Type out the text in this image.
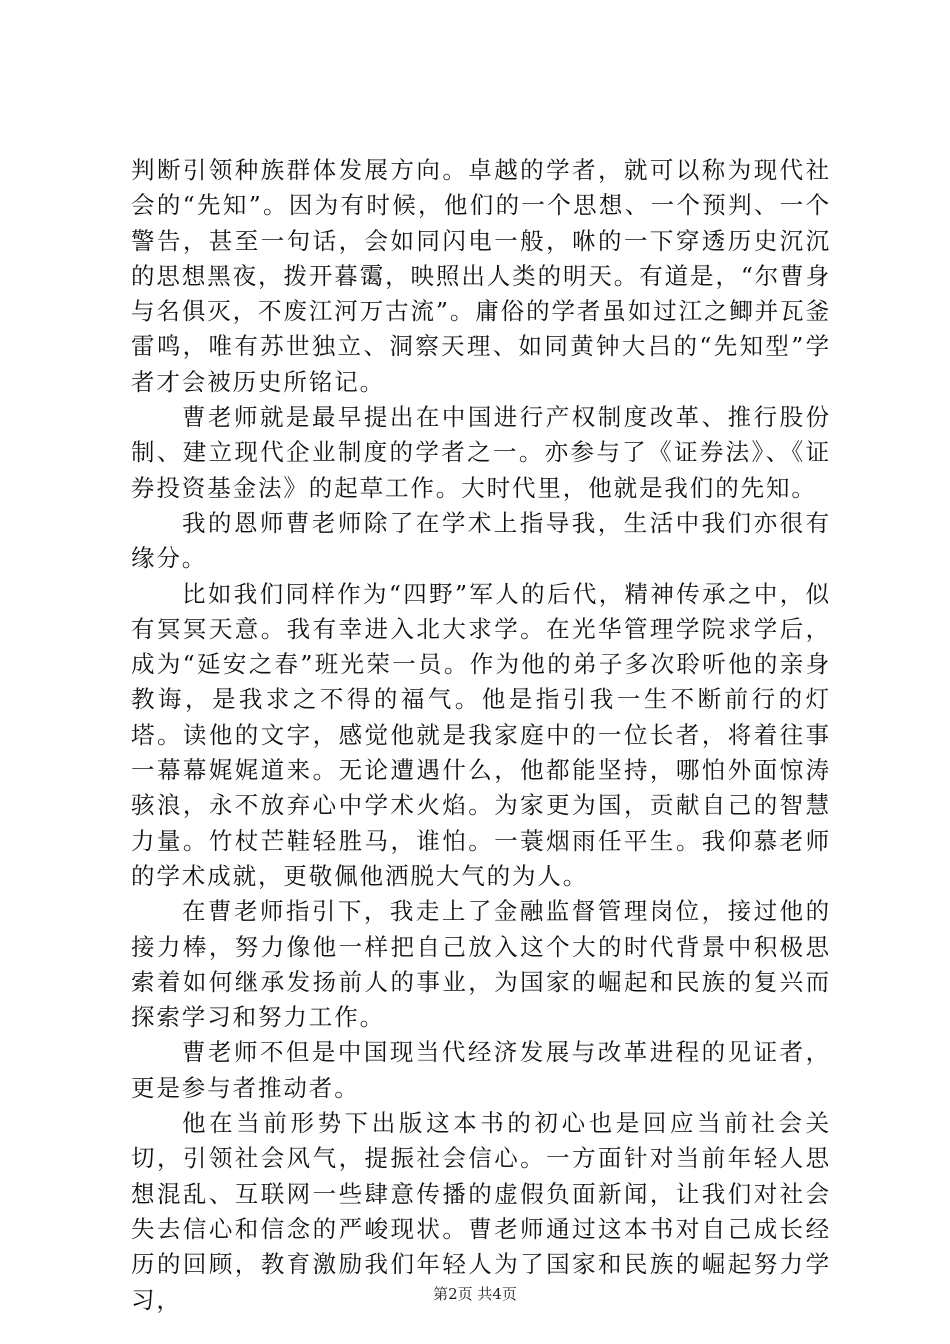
判断引领种族群体发展方向。卓越的学者，就可以称为现代社会的“先知”。因为有时候，他们的一个思想、一个预判、一个警告，甚至一句话，会如同闪电一般，咻的一下穿透历史沉沉的思想黑夜，拨开暮霭，映照出人类的明天。有道是，“尔曹身与名俱灭，不废江河万古流”。庸俗的学者虽如过江之鲫并瓦釜雷鸣，唯有苏世独立、洞察天理、如同黄钟大吕的“先知型”学者才会被历史所铭记。

曹老师就是最早提出在中国进行产权制度改革、推行股份制、建立现代企业制度的学者之一。亦参与了《证券法》、《证券投资基金法》的起草工作。大时代里，他就是我们的先知。

我的恩师曹老师除了在学术上指导我，生活中我们亦很有缘分。

比如我们同样作为“四野”军人的后代，精神传承之中，似有冥冥天意。我有幸进入北大求学。在光华管理学院求学后，成为“延安之春”班光荣一员。作为他的弟子多次聆听他的亲身教诲，是我求之不得的福气。他是指引我一生不断前行的灯塔。读他的文字，感觉他就是我家庭中的一位长者，将着往事一幕幕娓娓道来。无论遭遇什么，他都能坚持，哪怕外面惊涛骇浪，永不放弃心中学术火焰。为家更为国，贡献自己的智慧力量。竹杖芒鞋轻胜马，谁怕。一蓑烟雨任平生。我仰慕老师的学术成就，更敬佩他洒脱大气的为人。

在曹老师指引下，我走上了金融监督管理岗位，接过他的接力棒，努力像他一样把自己放入这个大的时代背景中积极思索着如何继承发扬前人的事业，为国家的崛起和民族的复兴而探索学习和努力工作。

曹老师不但是中国现当代经济发展与改革进程的见证者，更是参与者推动者。

他在当前形势下出版这本书的初心也是回应当前社会关切，引领社会风气，提振社会信心。一方面针对当前年轻人思想混乱、互联网一些肆意传播的虚假负面新闻，让我们对社会失去信心和信念的严峻现状。曹老师通过这本书对自己成长经历的回顾，教育激励我们年轻人为了国家和民族的崛起努力学习，	第2页 共4页
